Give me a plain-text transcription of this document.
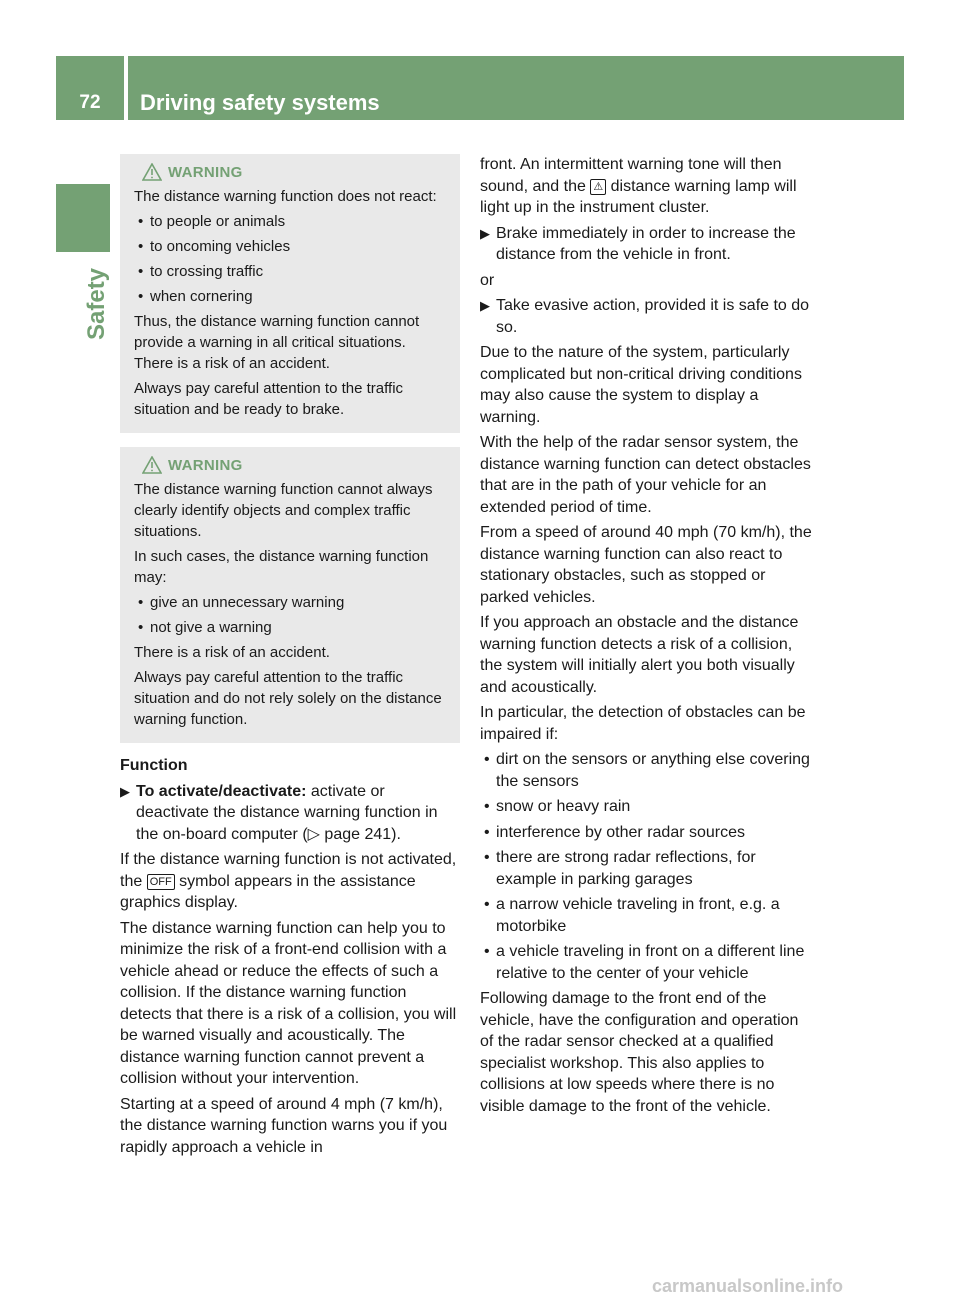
72	Driving safety systems
Safety
WARNING

The distance warning function does not react:

• to people or animals
• to oncoming vehicles
• to crossing traffic
• when cornering

Thus, the distance warning function cannot provide a warning in all critical situations. There is a risk of an accident.

Always pay careful attention to the traffic situation and be ready to brake.

WARNING

The distance warning function cannot always clearly identify objects and complex traffic situations.

In such cases, the distance warning function may:

• give an unnecessary warning
• not give a warning

There is a risk of an accident.

Always pay careful attention to the traffic situation and do not rely solely on the distance warning function.

Function
▶ To activate/deactivate: activate or deactivate the distance warning function in the on-board computer (▷ page 241).

If the distance warning function is not activated, the OFF symbol appears in the assistance graphics display.

The distance warning function can help you to minimize the risk of a front-end collision with a vehicle ahead or reduce the effects of such a collision. If the distance warning function detects that there is a risk of a collision, you will be warned visually and acoustically. The distance warning function cannot prevent a collision without your intervention.

Starting at a speed of around 4 mph (7 km/h), the distance warning function warns you if you rapidly approach a vehicle in

front. An intermittent warning tone will then sound, and the ⚠ distance warning lamp will light up in the instrument cluster.

▶ Brake immediately in order to increase the distance from the vehicle in front.

or

▶ Take evasive action, provided it is safe to do so.

Due to the nature of the system, particularly complicated but non-critical driving conditions may also cause the system to display a warning.

With the help of the radar sensor system, the distance warning function can detect obstacles that are in the path of your vehicle for an extended period of time.

From a speed of around 40 mph (70 km/h), the distance warning function can also react to stationary obstacles, such as stopped or parked vehicles.

If you approach an obstacle and the distance warning function detects a risk of a collision, the system will initially alert you both visually and acoustically.

In particular, the detection of obstacles can be impaired if:

• dirt on the sensors or anything else covering the sensors
• snow or heavy rain
• interference by other radar sources
• there are strong radar reflections, for example in parking garages
• a narrow vehicle traveling in front, e.g. a motorbike
• a vehicle traveling in front on a different line relative to the center of your vehicle

Following damage to the front end of the vehicle, have the configuration and operation of the radar sensor checked at a qualified specialist workshop. This also applies to collisions at low speeds where there is no visible damage to the front of the vehicle.

carmanualsonline.info
